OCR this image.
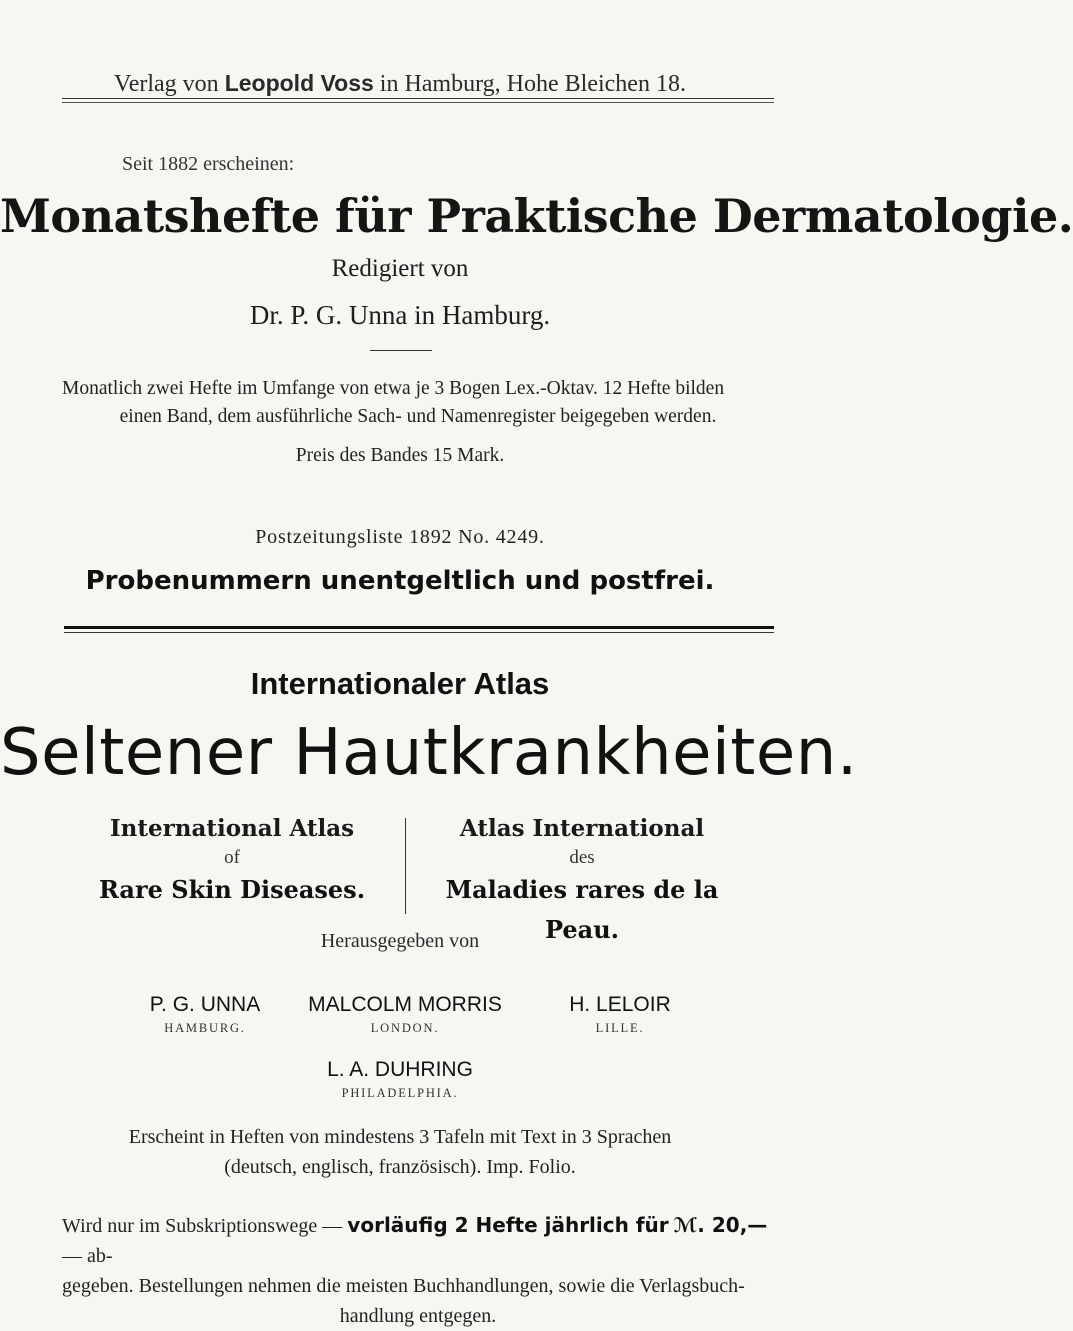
Verlag von Leopold Voss in Hamburg, Hohe Bleichen 18.
Seit 1882 erscheinen:
Monatshefte für Praktische Dermatologie.
Redigiert von
Dr. P. G. Unna in Hamburg.
Monatlich zwei Hefte im Umfange von etwa je 3 Bogen Lex.-Oktav. 12 Hefte bilden
einen Band, dem ausführliche Sach- und Namenregister beigegeben werden.
Preis des Bandes 15 Mark.
Postzeitungsliste 1892 No. 4249.
Probenummern unentgeltlich und postfrei.
Internationaler Atlas
Seltener Hautkrankheiten.
International Atlas
of
Rare Skin Diseases.
Atlas International
des
Maladies rares de la Peau.
Herausgegeben von
P. G. UNNA
HAMBURG.
MALCOLM MORRIS
LONDON.
H. LELOIR
LILLE.
L. A. DUHRING
PHILADELPHIA.
Erscheint in Heften von mindestens 3 Tafeln mit Text in 3 Sprachen
(deutsch, englisch, französisch). Imp. Folio.
Wird nur im Subskriptionswege — vorläufig 2 Hefte jährlich für ℳ. 20,— — ab-
gegeben. Bestellungen nehmen die meisten Buchhandlungen, sowie die Verlagsbuch-
handlung entgegen.
